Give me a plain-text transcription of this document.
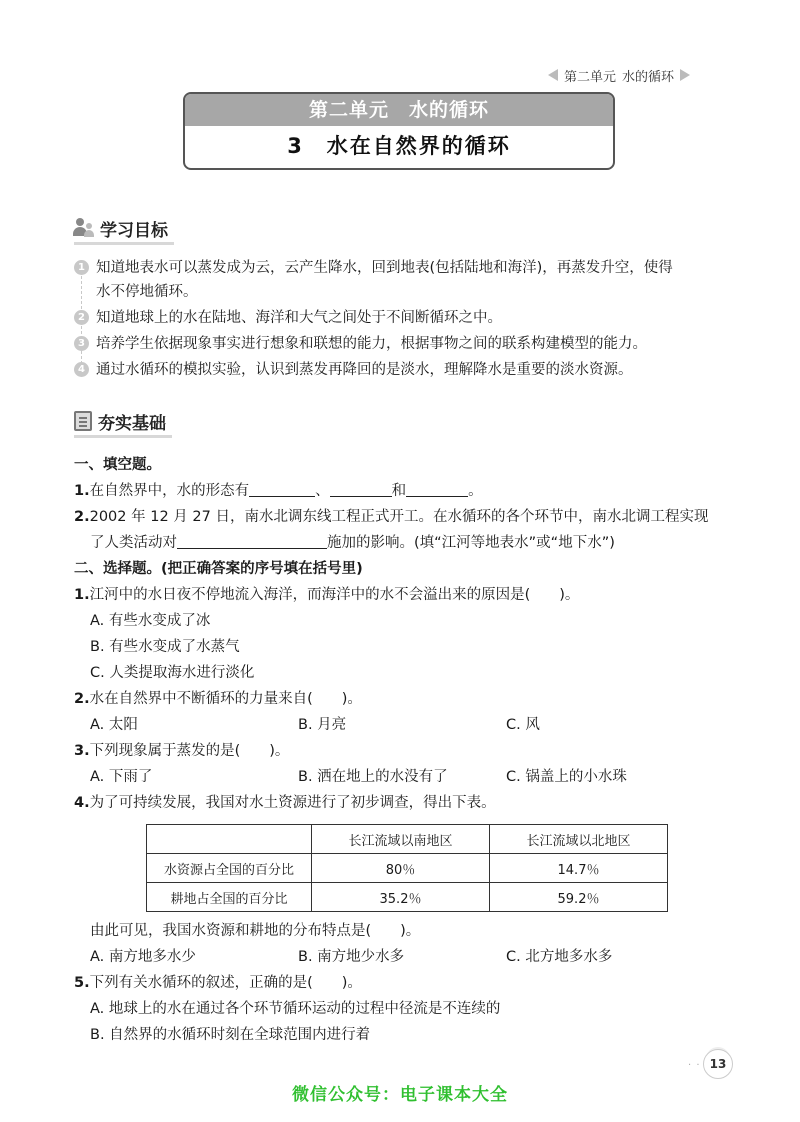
第二单元 水的循环
第二单元　水的循环
3　水在自然界的循环
学习目标
1 知道地表水可以蒸发成为云，云产生降水，回到地表(包括陆地和海洋)，再蒸发升空，使得
水不停地循环。
2 知道地球上的水在陆地、海洋和大气之间处于不间断循环之中。
3 培养学生依据现象事实进行想象和联想的能力，根据事物之间的联系构建模型的能力。
4 通过水循环的模拟实验，认识到蒸发再降回的是淡水，理解降水是重要的淡水资源。
夯实基础
一、填空题。
1.在自然界中，水的形态有	、	和	。
2.2002 年 12 月 27 日，南水北调东线工程正式开工。在水循环的各个环节中，南水北调工程实现
了人类活动对	施加的影响。(填“江河等地表水”或“地下水”)
二、选择题。(把正确答案的序号填在括号里)
1.江河中的水日夜不停地流入海洋，而海洋中的水不会溢出来的原因是(　　)。
A. 有些水变成了冰
B. 有些水变成了水蒸气
C. 人类提取海水进行淡化
2.水在自然界中不断循环的力量来自(　　)。
A. 太阳	B. 月亮	C. 风
3.下列现象属于蒸发的是(　　)。
A. 下雨了	B. 洒在地上的水没有了	C. 锅盖上的小水珠
4.为了可持续发展，我国对水土资源进行了初步调查，得出下表。
	长江流域以南地区	长江流域以北地区
水资源占全国的百分比	80％	14.7％
耕地占全国的百分比	35.2％	59.2％
由此可见，我国水资源和耕地的分布特点是(　　)。
A. 南方地多水少	B. 南方地少水多	C. 北方地多水多
5.下列有关水循环的叙述，正确的是(　　)。
A. 地球上的水在通过各个环节循环运动的过程中径流是不连续的
B. 自然界的水循环时刻在全球范围内进行着
· · 13
微信公众号：电子课本大全
